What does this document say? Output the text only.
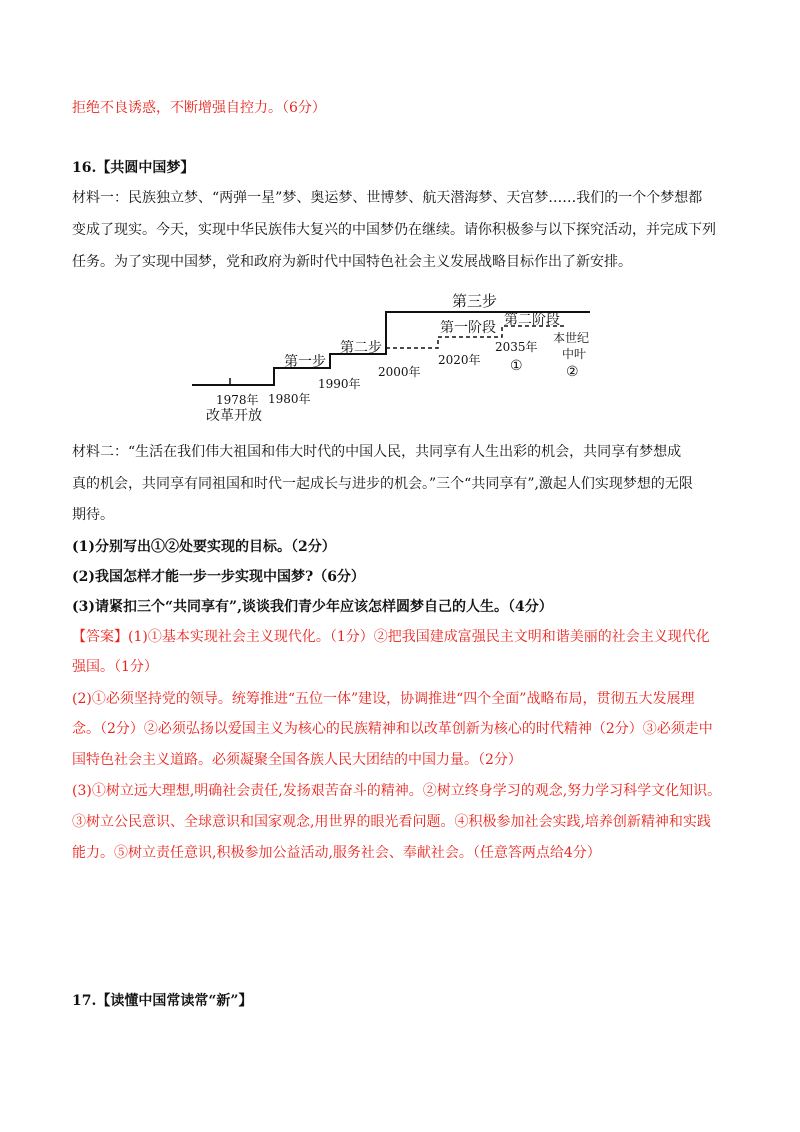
拒绝不良诱惑，不断增强自控力。（6分）
16.【共圆中国梦】
材料一：民族独立梦、“两弹一星”梦、奥运梦、世博梦、航天潜海梦、天宫梦……我们的一个个梦想都
变成了现实。今天，实现中华民族伟大复兴的中国梦仍在继续。请你积极参与以下探究活动，并完成下列
任务。为了实现中国梦，党和政府为新时代中国特色社会主义发展战略目标作出了新安排。
1978年
改革开放
1980年
第一步
1990年
第二步
2000年
第三步
第一阶段
2020年
第二阶段
2035年
①
本世纪
中叶
②
材料二：“生活在我们伟大祖国和伟大时代的中国人民，共同享有人生出彩的机会，共同享有梦想成
真的机会，共同享有同祖国和时代一起成长与进步的机会。”三个“共同享有”,激起人们实现梦想的无限
期待。
(1)分别写出①②处要实现的目标。（2分）
(2)我国怎样才能一步一步实现中国梦?（6分）
(3)请紧扣三个“共同享有”,谈谈我们青少年应该怎样圆梦自己的人生。（4分）
【答案】(1)①基本实现社会主义现代化。（1分）②把我国建成富强民主文明和谐美丽的社会主义现代化
强国。（1分）
(2)①必须坚持党的领导。统筹推进“五位一体”建设，协调推进“四个全面”战略布局，贯彻五大发展理
念。（2分）②必须弘扬以爱国主义为核心的民族精神和以改革创新为核心的时代精神（2分）③必须走中
国特色社会主义道路。必须凝聚全国各族人民大团结的中国力量。（2分）
(3)①树立远大理想,明确社会责任,发扬艰苦奋斗的精神。②树立终身学习的观念,努力学习科学文化知识。
③树立公民意识、全球意识和国家观念,用世界的眼光看问题。④积极参加社会实践,培养创新精神和实践
能力。⑤树立责任意识,积极参加公益活动,服务社会、奉献社会。（任意答两点给4分）
17.【读懂中国常读常“新”】
